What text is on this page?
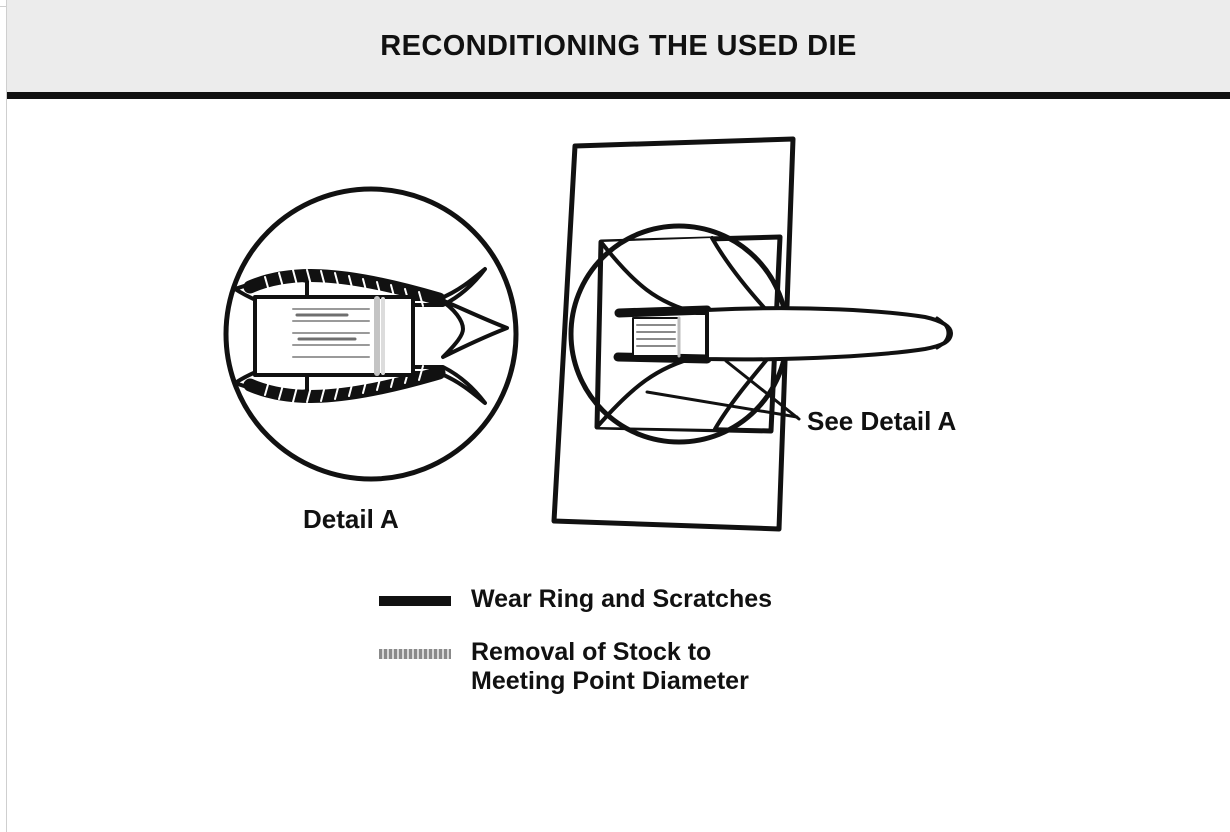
RECONDITIONING THE USED DIE
Detail A
See Detail A
Wear Ring and Scratches
Removal of Stock to
Meeting Point Diameter
